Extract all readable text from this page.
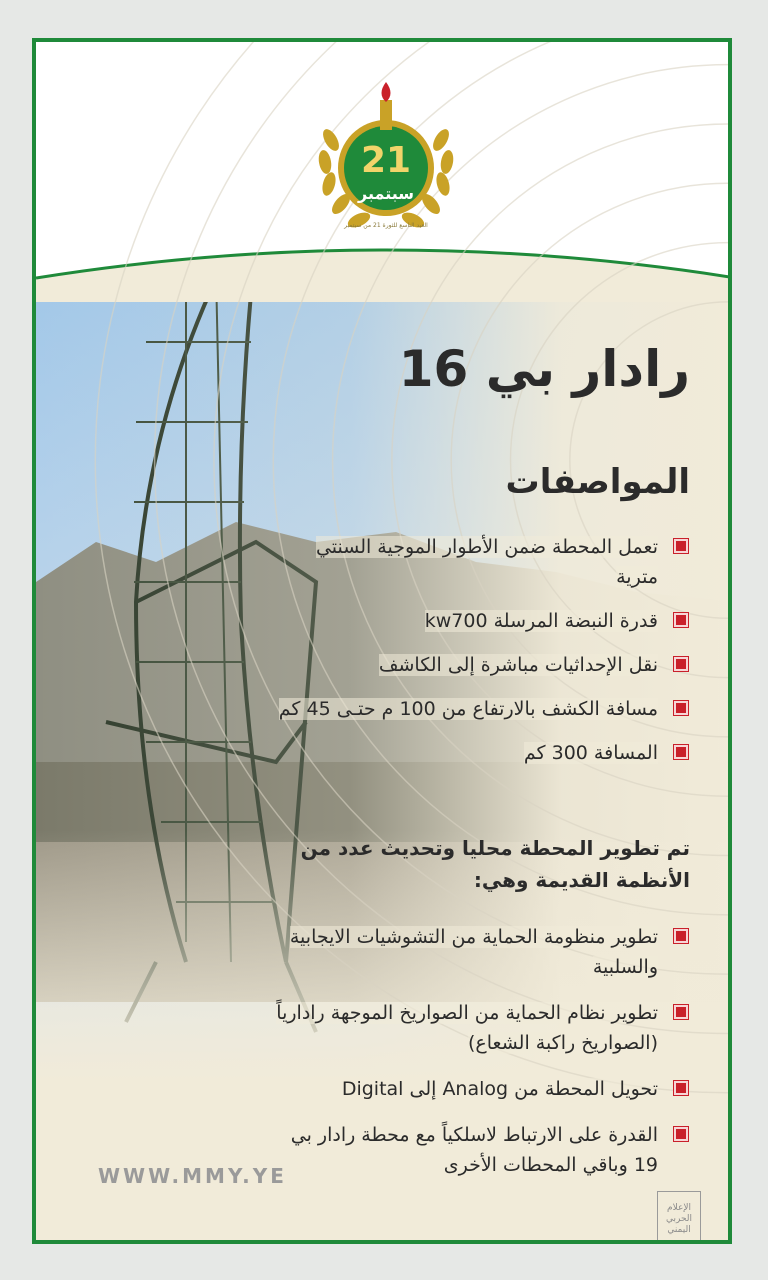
21
سبتمبر
العيد التاسع للثورة 21 من سبتمبر
رادار بي 16
المواصفات
تعمل المحطة ضمن الأطوار الموجية السنتي مترية
قدرة النبضة المرسلة kw700
نقل الإحداثيات مباشرة إلى الكاشف
مسافة الكشف بالارتفاع من 100 م حتـى 45 كم
المسافة 300 كم

تم تطوير المحطة محليا وتحديث عدد من الأنظمة القديمة وهي:

تطوير منظومة الحماية من التشوشيات الايجابية والسلبية
تطوير نظام الحماية من الصواريخ الموجهة رادارياً (الصواريخ راكبة الشعاع)
تحويل المحطة من Analog إلى Digital
القدرة على الارتباط لاسلكياً مع محطة رادار بي 19 وباقي المحطات الأخرى
WWW.MMY.YE
الإعلام
الحربي
اليمني
